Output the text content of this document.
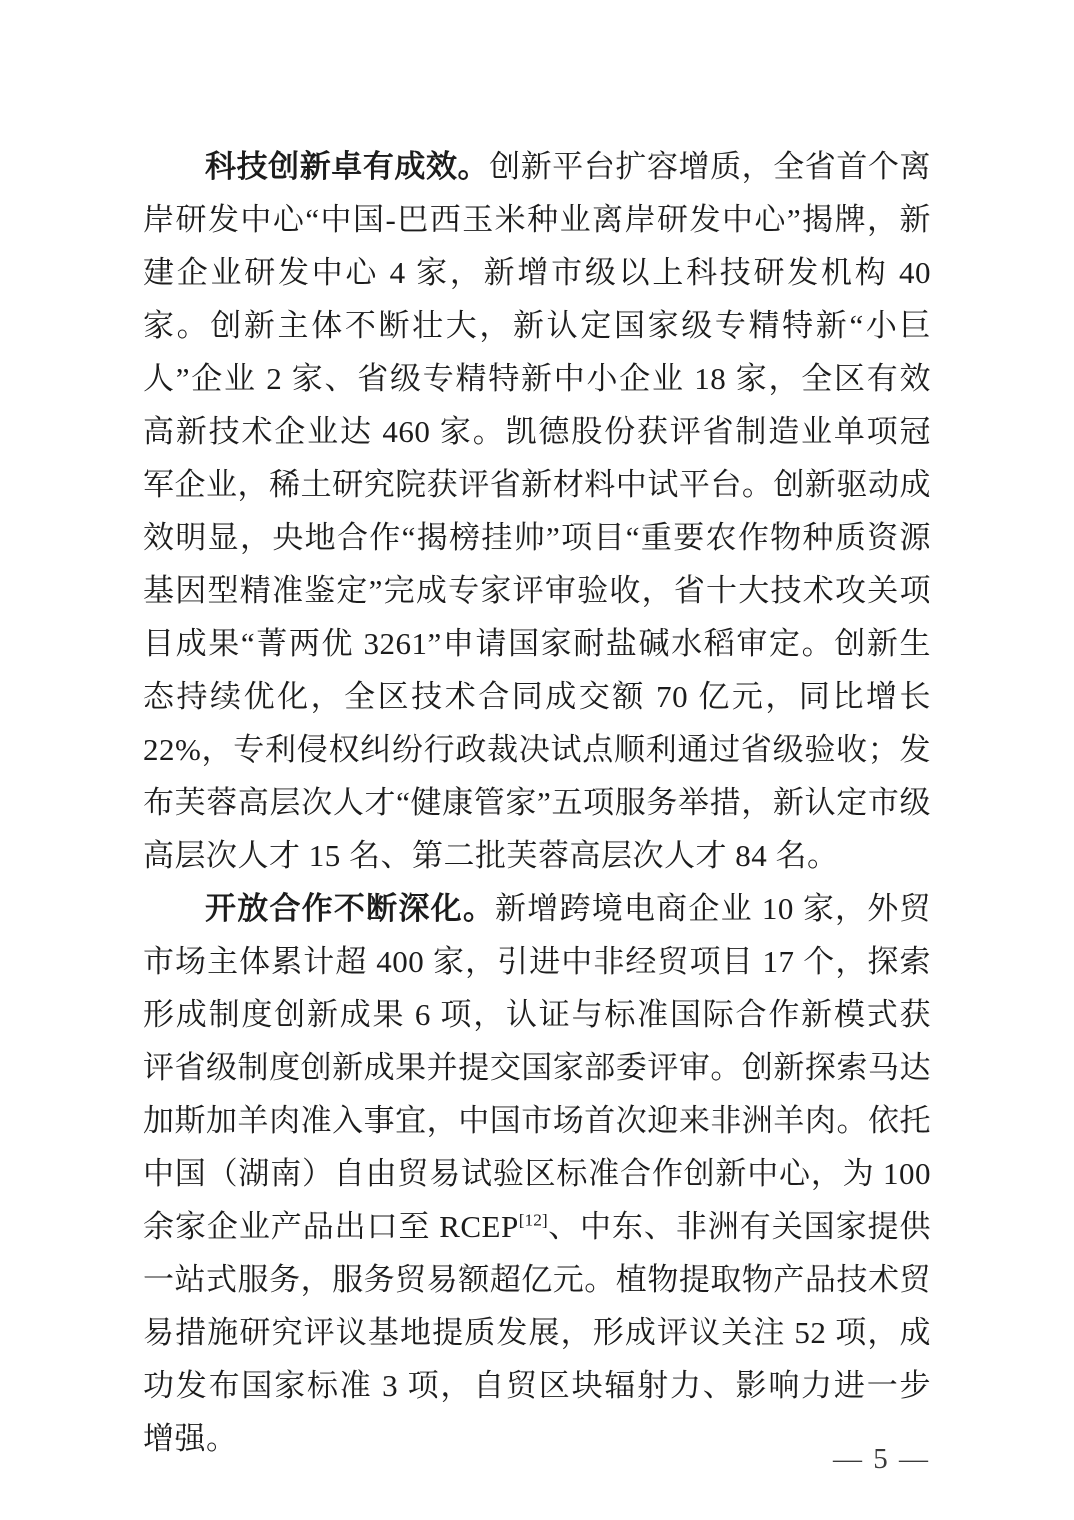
科技创新卓有成效。创新平台扩容增质，全省首个离岸研发中心“中国-巴西玉米种业离岸研发中心”揭牌，新建企业研发中心 4 家，新增市级以上科技研发机构 40 家。创新主体不断壮大，新认定国家级专精特新“小巨人”企业 2 家、省级专精特新中小企业 18 家，全区有效高新技术企业达 460 家。凯德股份获评省制造业单项冠军企业，稀土研究院获评省新材料中试平台。创新驱动成效明显，央地合作“揭榜挂帅”项目“重要农作物种质资源基因型精准鉴定”完成专家评审验收，省十大技术攻关项目成果“菁两优 3261”申请国家耐盐碱水稻审定。创新生态持续优化，全区技术合同成交额 70 亿元，同比增长 22%，专利侵权纠纷行政裁决试点顺利通过省级验收；发布芙蓉高层次人才“健康管家”五项服务举措，新认定市级高层次人才 15 名、第二批芙蓉高层次人才 84 名。

开放合作不断深化。新增跨境电商企业 10 家，外贸市场主体累计超 400 家，引进中非经贸项目 17 个，探索形成制度创新成果 6 项，认证与标准国际合作新模式获评省级制度创新成果并提交国家部委评审。创新探索马达加斯加羊肉准入事宜，中国市场首次迎来非洲羊肉。依托中国（湖南）自由贸易试验区标准合作创新中心，为 100 余家企业产品出口至 RCEP[12]、中东、非洲有关国家提供一站式服务，服务贸易额超亿元。植物提取物产品技术贸易措施研究评议基地提质发展，形成评议关注 52 项，成功发布国家标准 3 项，自贸区块辐射力、影响力进一步增强。

— 5 —
